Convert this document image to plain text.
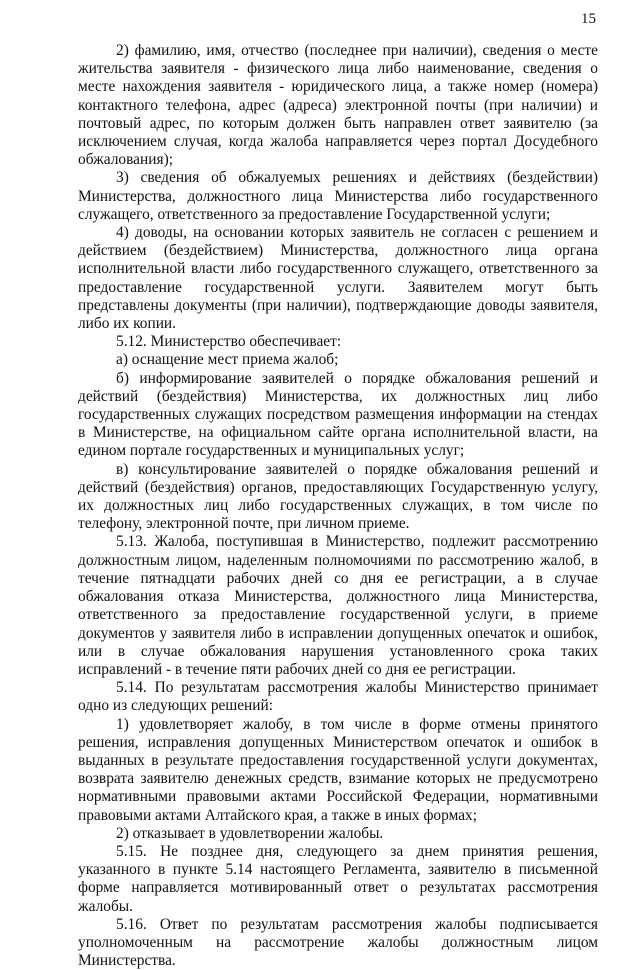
15

2) фамилию, имя, отчество (последнее при наличии), сведения о месте жительства заявителя - физического лица либо наименование, сведения о месте нахождения заявителя - юридического лица, а также номер (номера) контактного телефона, адрес (адреса) электронной почты (при наличии) и почтовый адрес, по которым должен быть направлен ответ заявителю (за исключением случая, когда жалоба направляется через портал Досудебного обжалования);

3) сведения об обжалуемых решениях и действиях (бездействии) Министерства, должностного лица Министерства либо государственного служащего, ответственного за предоставление Государственной услуги;

4) доводы, на основании которых заявитель не согласен с решением и действием (бездействием) Министерства, должностного лица органа исполнительной власти либо государственного служащего, ответственного за предоставление государственной услуги. Заявителем могут быть представлены документы (при наличии), подтверждающие доводы заявителя, либо их копии.

5.12. Министерство обеспечивает:

а) оснащение мест приема жалоб;

б) информирование заявителей о порядке обжалования решений и действий (бездействия) Министерства, их должностных лиц либо государственных служащих посредством размещения информации на стендах в Министерстве, на официальном сайте органа исполнительной власти, на едином портале государственных и муниципальных услуг;

в) консультирование заявителей о порядке обжалования решений и действий (бездействия) органов, предоставляющих Государственную услугу, их должностных лиц либо государственных служащих, в том числе по телефону, электронной почте, при личном приеме.

5.13. Жалоба, поступившая в Министерство, подлежит рассмотрению должностным лицом, наделенным полномочиями по рассмотрению жалоб, в течение пятнадцати рабочих дней со дня ее регистрации, а в случае обжалования отказа Министерства, должностного лица Министерства, ответственного за предоставление государственной услуги, в приеме документов у заявителя либо в исправлении допущенных опечаток и ошибок, или в случае обжалования нарушения установленного срока таких исправлений - в течение пяти рабочих дней со дня ее регистрации.

5.14. По результатам рассмотрения жалобы Министерство принимает одно из следующих решений:

1) удовлетворяет жалобу, в том числе в форме отмены принятого решения, исправления допущенных Министерством опечаток и ошибок в выданных в результате предоставления государственной услуги документах, возврата заявителю денежных средств, взимание которых не предусмотрено нормативными правовыми актами Российской Федерации, нормативными правовыми актами Алтайского края, а также в иных формах;

2) отказывает в удовлетворении жалобы.

5.15. Не позднее дня, следующего за днем принятия решения, указанного в пункте 5.14 настоящего Регламента, заявителю в письменной форме направляется мотивированный ответ о результатах рассмотрения жалобы.

5.16. Ответ по результатам рассмотрения жалобы подписывается уполномоченным на рассмотрение жалобы должностным лицом Министерства.
